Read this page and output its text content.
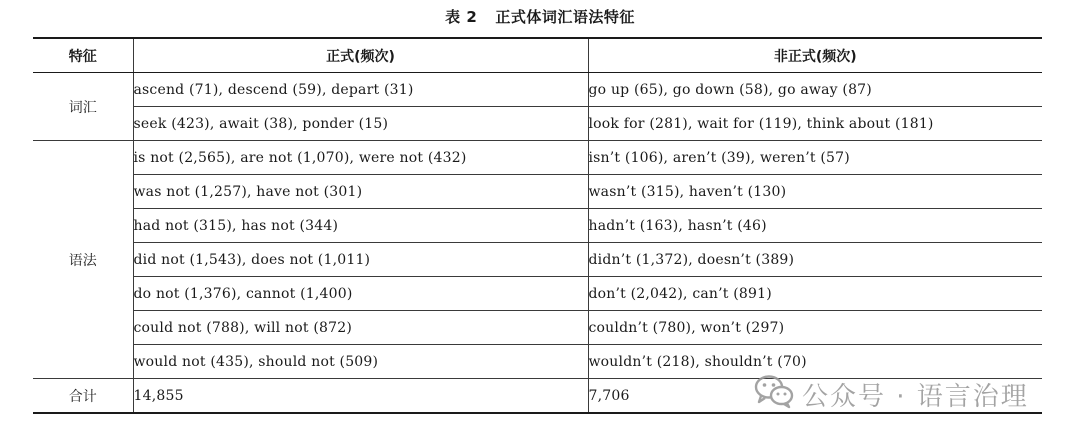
表 2 正式体词汇语法特征
特征	正式(频次)	非正式(频次)
词汇	ascend (71), descend (59), depart (31)	go up (65), go down (58), go away (87)
	seek (423), await (38), ponder (15)	look for (281), wait for (119), think about (181)
语法	is not (2,565), are not (1,070), were not (432)	isn’t (106), aren’t (39), weren’t (57)
	was not (1,257), have not (301)	wasn’t (315), haven’t (130)
	had not (315), has not (344)	hadn’t (163), hasn’t (46)
	did not (1,543), does not (1,011)	didn’t (1,372), doesn’t (389)
	do not (1,376), cannot (1,400)	don’t (2,042), can’t (891)
	could not (788), will not (872)	couldn’t (780), won’t (297)
	would not (435), should not (509)	wouldn’t (218), shouldn’t (70)
合计	14,855	7,706	公众号 · 语言治理
